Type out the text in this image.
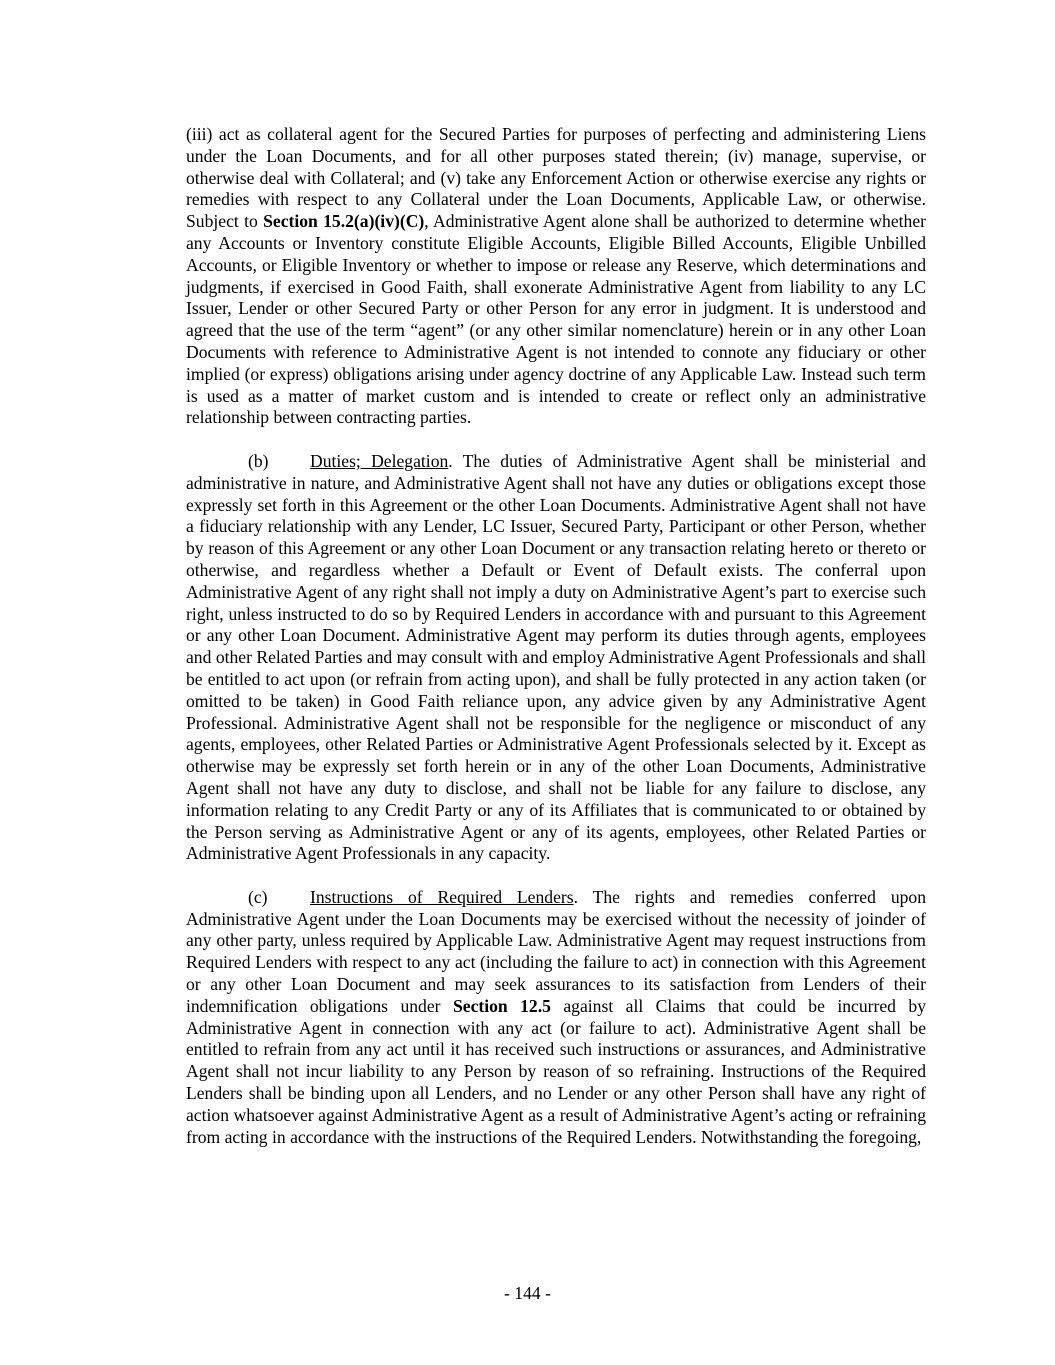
(iii) act as collateral agent for the Secured Parties for purposes of perfecting and administering Liens under the Loan Documents, and for all other purposes stated therein; (iv) manage, supervise, or otherwise deal with Collateral; and (v) take any Enforcement Action or otherwise exercise any rights or remedies with respect to any Collateral under the Loan Documents, Applicable Law, or otherwise. Subject to Section 15.2(a)(iv)(C), Administrative Agent alone shall be authorized to determine whether any Accounts or Inventory constitute Eligible Accounts, Eligible Billed Accounts, Eligible Unbilled Accounts, or Eligible Inventory or whether to impose or release any Reserve, which determinations and judgments, if exercised in Good Faith, shall exonerate Administrative Agent from liability to any LC Issuer, Lender or other Secured Party or other Person for any error in judgment. It is understood and agreed that the use of the term “agent” (or any other similar nomenclature) herein or in any other Loan Documents with reference to Administrative Agent is not intended to connote any fiduciary or other implied (or express) obligations arising under agency doctrine of any Applicable Law. Instead such term is used as a matter of market custom and is intended to create or reflect only an administrative relationship between contracting parties.

(b) Duties; Delegation. The duties of Administrative Agent shall be ministerial and administrative in nature, and Administrative Agent shall not have any duties or obligations except those expressly set forth in this Agreement or the other Loan Documents. Administrative Agent shall not have a fiduciary relationship with any Lender, LC Issuer, Secured Party, Participant or other Person, whether by reason of this Agreement or any other Loan Document or any transaction relating hereto or thereto or otherwise, and regardless whether a Default or Event of Default exists. The conferral upon Administrative Agent of any right shall not imply a duty on Administrative Agent’s part to exercise such right, unless instructed to do so by Required Lenders in accordance with and pursuant to this Agreement or any other Loan Document. Administrative Agent may perform its duties through agents, employees and other Related Parties and may consult with and employ Administrative Agent Professionals and shall be entitled to act upon (or refrain from acting upon), and shall be fully protected in any action taken (or omitted to be taken) in Good Faith reliance upon, any advice given by any Administrative Agent Professional. Administrative Agent shall not be responsible for the negligence or misconduct of any agents, employees, other Related Parties or Administrative Agent Professionals selected by it. Except as otherwise may be expressly set forth herein or in any of the other Loan Documents, Administrative Agent shall not have any duty to disclose, and shall not be liable for any failure to disclose, any information relating to any Credit Party or any of its Affiliates that is communicated to or obtained by the Person serving as Administrative Agent or any of its agents, employees, other Related Parties or Administrative Agent Professionals in any capacity.

(c) Instructions of Required Lenders. The rights and remedies conferred upon Administrative Agent under the Loan Documents may be exercised without the necessity of joinder of any other party, unless required by Applicable Law. Administrative Agent may request instructions from Required Lenders with respect to any act (including the failure to act) in connection with this Agreement or any other Loan Document and may seek assurances to its satisfaction from Lenders of their indemnification obligations under Section 12.5 against all Claims that could be incurred by Administrative Agent in connection with any act (or failure to act). Administrative Agent shall be entitled to refrain from any act until it has received such instructions or assurances, and Administrative Agent shall not incur liability to any Person by reason of so refraining. Instructions of the Required Lenders shall be binding upon all Lenders, and no Lender or any other Person shall have any right of action whatsoever against Administrative Agent as a result of Administrative Agent’s acting or refraining from acting in accordance with the instructions of the Required Lenders. Notwithstanding the foregoing,

- 144 -
